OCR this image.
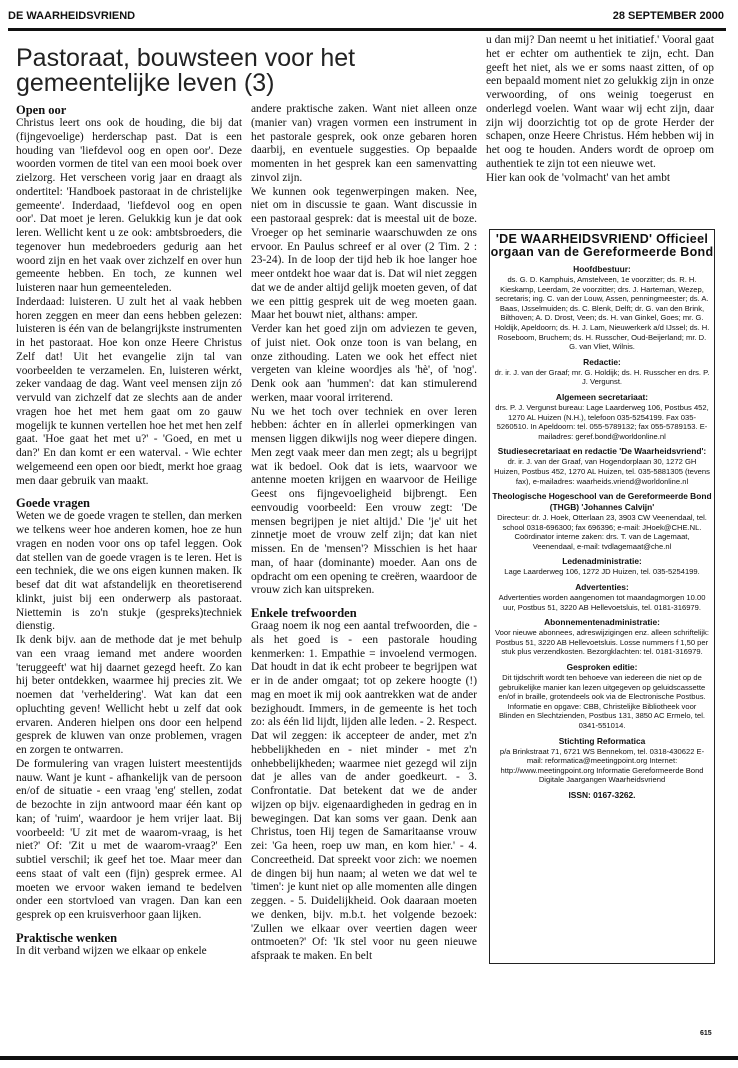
DE WAARHEIDSVRIEND	28 SEPTEMBER 2000
Pastoraat, bouwsteen voor het gemeentelijke leven (3)
Open oor

Christus leert ons ook de houding, die bij dat (fijngevoelige) herderschap past. Dat is een houding van 'liefdevol oog en open oor'. Deze woorden vormen de titel van een mooi boek over zielzorg. Het verscheen vorig jaar en draagt als ondertitel: 'Handboek pastoraat in de christelijke gemeente'. Inderdaad, 'liefdevol oog en open oor'. Dat moet je leren. Gelukkig kun je dat ook leren. Wellicht kent u ze ook: ambtsbroeders, die tegenover hun medebroeders gedurig aan het woord zijn en het vaak over zichzelf en over hun gemeente hebben. En toch, ze kunnen wel luisteren naar hun gemeenteleden.

Inderdaad: luisteren. U zult het al vaak hebben horen zeggen en meer dan eens hebben gelezen: luisteren is één van de belangrijkste instrumenten in het pastoraat. Hoe kon onze Heere Christus Zelf dat! Uit het evangelie zijn tal van voorbeelden te verzamelen. En, luisteren wérkt, zeker vandaag de dag. Want veel mensen zijn zó vervuld van zichzelf dat ze slechts aan de ander vragen hoe het met hem gaat om zo gauw mogelijk te kunnen vertellen hoe het met hen zelf gaat. 'Hoe gaat het met u?' - 'Goed, en met u dan?' En dan komt er een waterval. - Wie echter welgemeend een open oor biedt, merkt hoe graag men daar gebruik van maakt.

Goede vragen

Weten we de goede vragen te stellen, dan merken we telkens weer hoe anderen komen, hoe ze hun vragen en noden voor ons op tafel leggen. Ook dat stellen van de goede vragen is te leren. Het is een techniek, die we ons eigen kunnen maken. Ik besef dat dit wat afstandelijk en theoretiserend klinkt, juist bij een onderwerp als pastoraat. Niettemin is zo'n stukje (gespreks)techniek dienstig.

Ik denk bijv. aan de methode dat je met behulp van een vraag iemand met andere woorden 'teruggeeft' wat hij daarnet gezegd heeft. Zo kan hij beter ontdekken, waarmee hij precies zit. We noemen dat 'verheldering'. Wat kan dat een opluchting geven! Wellicht hebt u zelf dat ook ervaren. Anderen hielpen ons door een helpend gesprek de kluwen van onze problemen, vragen en zorgen te ontwarren.

De formulering van vragen luistert meestentijds nauw. Want je kunt - afhankelijk van de persoon en/of de situatie - een vraag 'eng' stellen, zodat de bezochte in zijn antwoord maar één kant op kan; of 'ruim', waardoor je hem vrijer laat. Bij voorbeeld: 'U zit met de waarom-vraag, is het niet?' Of: 'Zit u met de waarom-vraag?' Een subtiel verschil; ik geef het toe. Maar meer dan eens staat of valt een (fijn) gesprek ermee. Al moeten we ervoor waken iemand te bedelven onder een stortvloed van vragen. Dan kan een gesprek op een kruisverhoor gaan lijken.

Praktische wenken

In dit verband wijzen we elkaar op enkele

andere praktische zaken. Want niet alleen onze (manier van) vragen vormen een instrument in het pastorale gesprek, ook onze gebaren horen daarbij, en eventuele suggesties. Op bepaalde momenten in het gesprek kan een samenvatting zinvol zijn.

We kunnen ook tegenwerpingen maken. Nee, niet om in discussie te gaan. Want discussie in een pastoraal gesprek: dat is meestal uit de boze. Vroeger op het seminarie waarschuwden ze ons ervoor. En Paulus schreef er al over (2 Tim. 2 : 23-24). In de loop der tijd heb ik hoe langer hoe meer ontdekt hoe waar dat is. Dat wil niet zeggen dat we de ander altijd gelijk moeten geven, of dat we een pittig gesprek uit de weg moeten gaan. Maar het bouwt niet, althans: amper.

Verder kan het goed zijn om adviezen te geven, of juist niet. Ook onze toon is van belang, en onze zithouding. Laten we ook het effect niet vergeten van kleine woordjes als 'hè', of 'nog'. Denk ook aan 'hummen': dat kan stimulerend werken, maar vooral irriterend.

Nu we het toch over techniek en over leren hebben: áchter en ín allerlei opmerkingen van mensen liggen dikwijls nog weer diepere dingen. Men zegt vaak meer dan men zegt; als u begrijpt wat ik bedoel. Ook dat is iets, waarvoor we antenne moeten krijgen en waarvoor de Heilige Geest ons fijngevoeligheid bijbrengt. Een eenvoudig voorbeeld: Een vrouw zegt: 'De mensen begrijpen je niet altijd.' Die 'je' uit het zinnetje moet de vrouw zelf zijn; dat kan niet missen. En de 'mensen'? Misschien is het haar man, of haar (dominante) moeder. Aan ons de opdracht om een opening te creëren, waardoor de vrouw zich kan uitspreken.

Enkele trefwoorden

Graag noem ik nog een aantal trefwoorden, die - als het goed is - een pastorale houding kenmerken: 1. Empathie = invoelend vermogen. Dat houdt in dat ik echt probeer te begrijpen wat er in de ander omgaat; tot op zekere hoogte (!) mag en moet ik mij ook aantrekken wat de ander bezighoudt. Immers, in de gemeente is het toch zo: als één lid lijdt, lijden alle leden. - 2. Respect. Dat wil zeggen: ik accepteer de ander, met z'n hebbelijkheden en - niet minder - met z'n onhebbelijkheden; waarmee niet gezegd wil zijn dat je alles van de ander goedkeurt. - 3. Confrontatie. Dat betekent dat we de ander wijzen op bijv. eigenaardigheden in gedrag en in bewegingen. Dat kan soms ver gaan. Denk aan Christus, toen Hij tegen de Samaritaanse vrouw zei: 'Ga heen, roep uw man, en kom hier.' - 4. Concreetheid. Dat spreekt voor zich: we noemen de dingen bij hun naam; al weten we dat wel te 'timen': je kunt niet op alle momenten alle dingen zeggen. - 5. Duidelijkheid. Ook daaraan moeten we denken, bijv. m.b.t. het volgende bezoek: 'Zullen we elkaar over veertien dagen weer ontmoeten?' Of: 'Ik stel voor nu geen nieuwe afspraak te maken. En belt

u dan mij? Dan neemt u het initiatief.' Vooral gaat het er echter om authentiek te zijn, echt. Dan geeft het niet, als we er soms naast zitten, of op een bepaald moment niet zo gelukkig zijn in onze verwoording, of ons weinig toegerust en onderlegd voelen. Want waar wij echt zijn, daar zijn wij doorzichtig tot op de grote Herder der schapen, onze Heere Christus. Hém hebben wij in het oog te houden. Anders wordt de oproep om authentiek te zijn tot een nieuwe wet.

Hier kan ook de 'volmacht' van het ambt

'DE WAARHEIDSVRIEND' Officieel orgaan van de Gereformeerde Bond
Hoofdbestuur:
ds. G. D. Kamphuis, Amstelveen, 1e voorzitter; ds. R. H. Kieskamp, Leerdam, 2e voorzitter; drs. J. Harteman, Wezep, secretaris; ing. C. van der Louw, Assen, penningmeester; ds. A. Baas, IJsselmuiden; ds. C. Blenk, Delft; dr. G. van den Brink, Bilthoven; A. D. Drost, Veen; ds. H. van Ginkel, Goes; mr. G. Holdijk, Apeldoorn; ds. H. J. Lam, Nieuwerkerk a/d IJssel; ds. H. Roseboom, Bruchem; ds. H. Russcher, Oud-Beijerland; mr. D. G. van Vliet, Wilnis.
Redactie:
dr. ir. J. van der Graaf; mr. G. Holdijk; ds. H. Russcher en drs. P. J. Vergunst.
Algemeen secretariaat:
drs. P. J. Vergunst bureau: Lage Laarderweg 106, Postbus 452, 1270 AL Huizen (N.H.), telefoon 035-5254199. Fax 035-5260510. In Apeldoorn: tel. 055-5789132; fax 055-5789153. E-mailadres: geref.bond@worldonline.nl
Studiesecretariaat en redactie 'De Waarheidsvriend':
dr. ir. J. van der Graaf, van Hogendorplaan 30, 1272 GH Huizen, Postbus 452, 1270 AL Huizen, tel. 035-5881305 (tevens fax), e-mailadres: waarheids.vriend@worldonline.nl
Theologische Hogeschool van de Gereformeerde Bond (THGB) 'Johannes Calvijn'
Directeur: dr. J. Hoek, Otterlaan 23, 3903 CW Veenendaal, tel. school 0318-696300; fax 696396; e-mail: JHoek@CHE.NL. Coördinator interne zaken: drs. T. van de Lagemaat, Veenendaal, e-mail: tvdlagemaat@che.nl
Ledenadministratie:
Lage Laarderweg 106, 1272 JD Huizen, tel. 035-5254199.
Advertenties:
Advertenties worden aangenomen tot maandagmorgen 10.00 uur, Postbus 51, 3220 AB Hellevoetsluis, tel. 0181-316979.
Abonnementenadministratie:
Voor nieuwe abonnees, adreswijzigingen enz. alleen schriftelijk: Postbus 51, 3220 AB Hellevoetsluis. Losse nummers f 1,50 per stuk plus verzendkosten. Bezorgklachten: tel. 0181-316979.
Gesproken editie:
Dit tijdschrift wordt ten behoeve van iedereen die niet op de gebruikelijke manier kan lezen uitgegeven op geluidscassette en/of in braille, grotendeels ook via de Electronische Postbus. Informatie en opgave: CBB, Christelijke Bibliotheek voor Blinden en Slechtzienden, Postbus 131, 3850 AC Ermelo, tel. 0341-551014.
Stichting Reformatica
p/a Brinkstraat 71, 6721 WS Bennekom, tel. 0318-430622 E-mail: reformatica@meetingpoint.org Internet: http://www.meetingpoint.org Informatie Gereformeerde Bond Digitale Jaargangen Waarheidsvriend
ISSN: 0167-3262.
615
